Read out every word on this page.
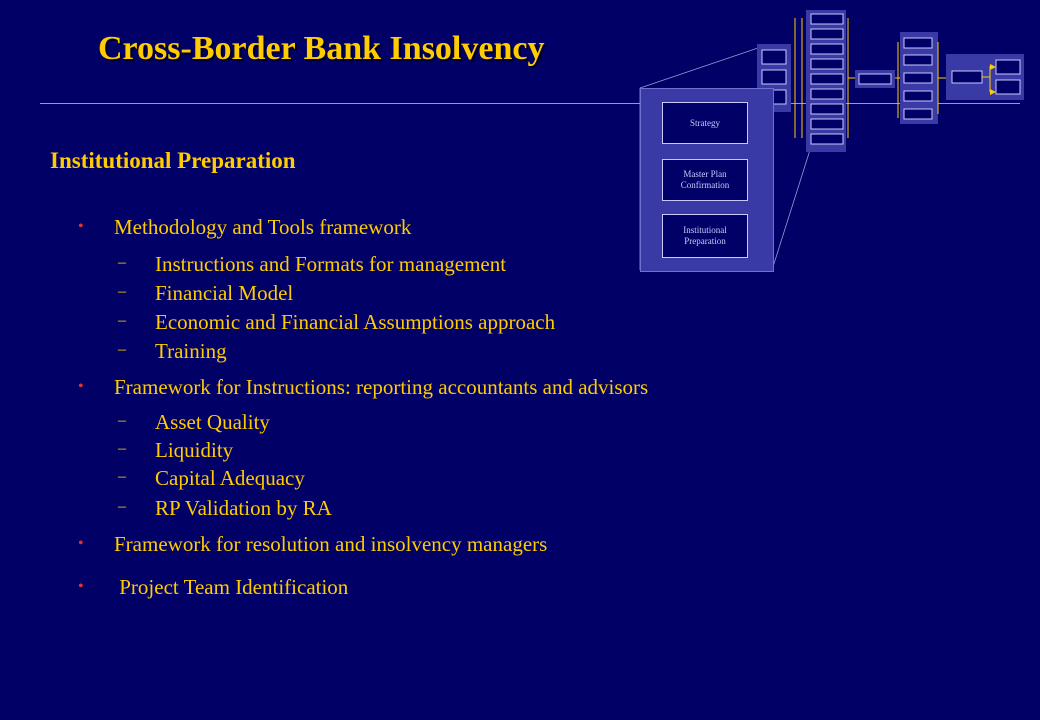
Cross-Border Bank Insolvency
Institutional Preparation
Strategy
Master Plan Confirmation
Institutional Preparation
• Methodology and Tools framework
– Instructions and Formats for management
– Financial Model
– Economic and Financial Assumptions approach
– Training
• Framework for Instructions: reporting accountants and advisors
– Asset Quality
– Liquidity
– Capital Adequacy
– RP Validation by RA
• Framework for resolution and insolvency managers
• Project Team Identification
